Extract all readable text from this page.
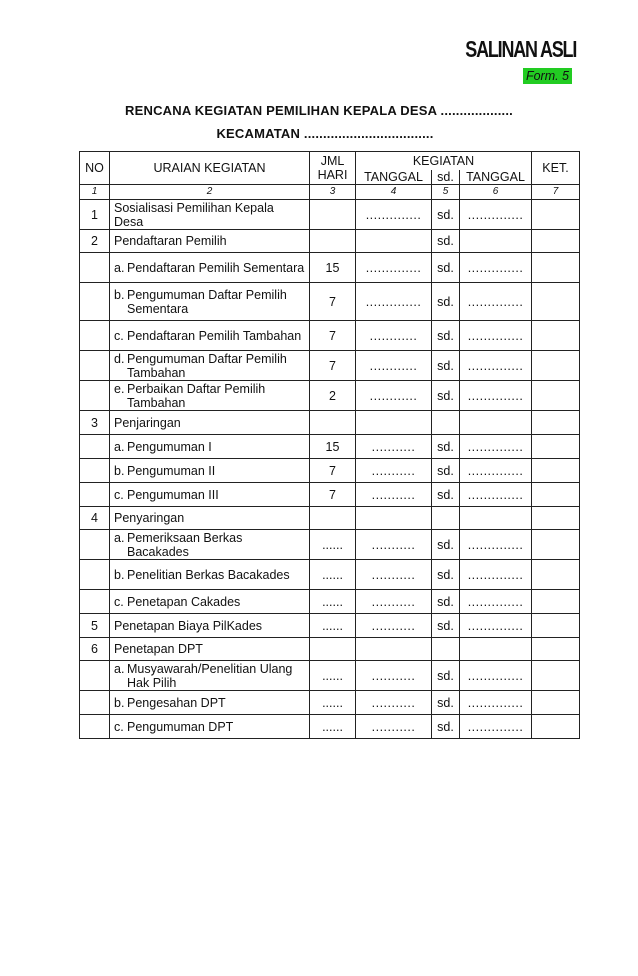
SALINAN ASLI
Form. 5
RENCANA KEGIATAN PEMILIHAN KEPALA DESA ...................
KECAMATAN ..................................
NO	URAIAN KEGIATAN	JML HARI	KEGIATAN			KET.
			TANGGAL	sd.	TANGGAL	
1	2	3	4	5	6	7
1	Sosialisasi Pemilihan Kepala Desa		..............	sd.	..............	
2	Pendaftaran Pemilih			sd.		

	a. Pendaftaran Pemilih Sementara	15	..............	sd.	..............	

	b. Pengumuman Daftar Pemilih Sementara	7	..............	sd.	..............	

	c. Pendaftaran Pemilih Tambahan	7	............	sd.	..............	

	d. Pengumuman Daftar Pemilih Tambahan	7	............	sd.	..............	

	e. Perbaikan Daftar Pemilih Tambahan	2	............	sd.	..............	
3	Penjaringan					

	a. Pengumuman I	15	...........	sd.	..............	

	b. Pengumuman II	7	...........	sd.	..............	

	c. Pengumuman III	7	...........	sd.	..............	
4	Penyaringan					

	a. Pemeriksaan Berkas Bacakades	......	...........	sd.	..............	

	b. Penelitian Berkas Bacakades	......	...........	sd.	..............	

	c. Penetapan Cakades	......	...........	sd.	..............	
5	Penetapan Biaya PilKades	......	...........	sd.	..............	
6	Penetapan DPT					

	a. Musyawarah/Penelitian Ulang Hak Pilih	......	...........	sd.	..............	

	b. Pengesahan DPT	......	...........	sd.	..............	

	c. Pengumuman DPT	......	...........	sd.	..............	
